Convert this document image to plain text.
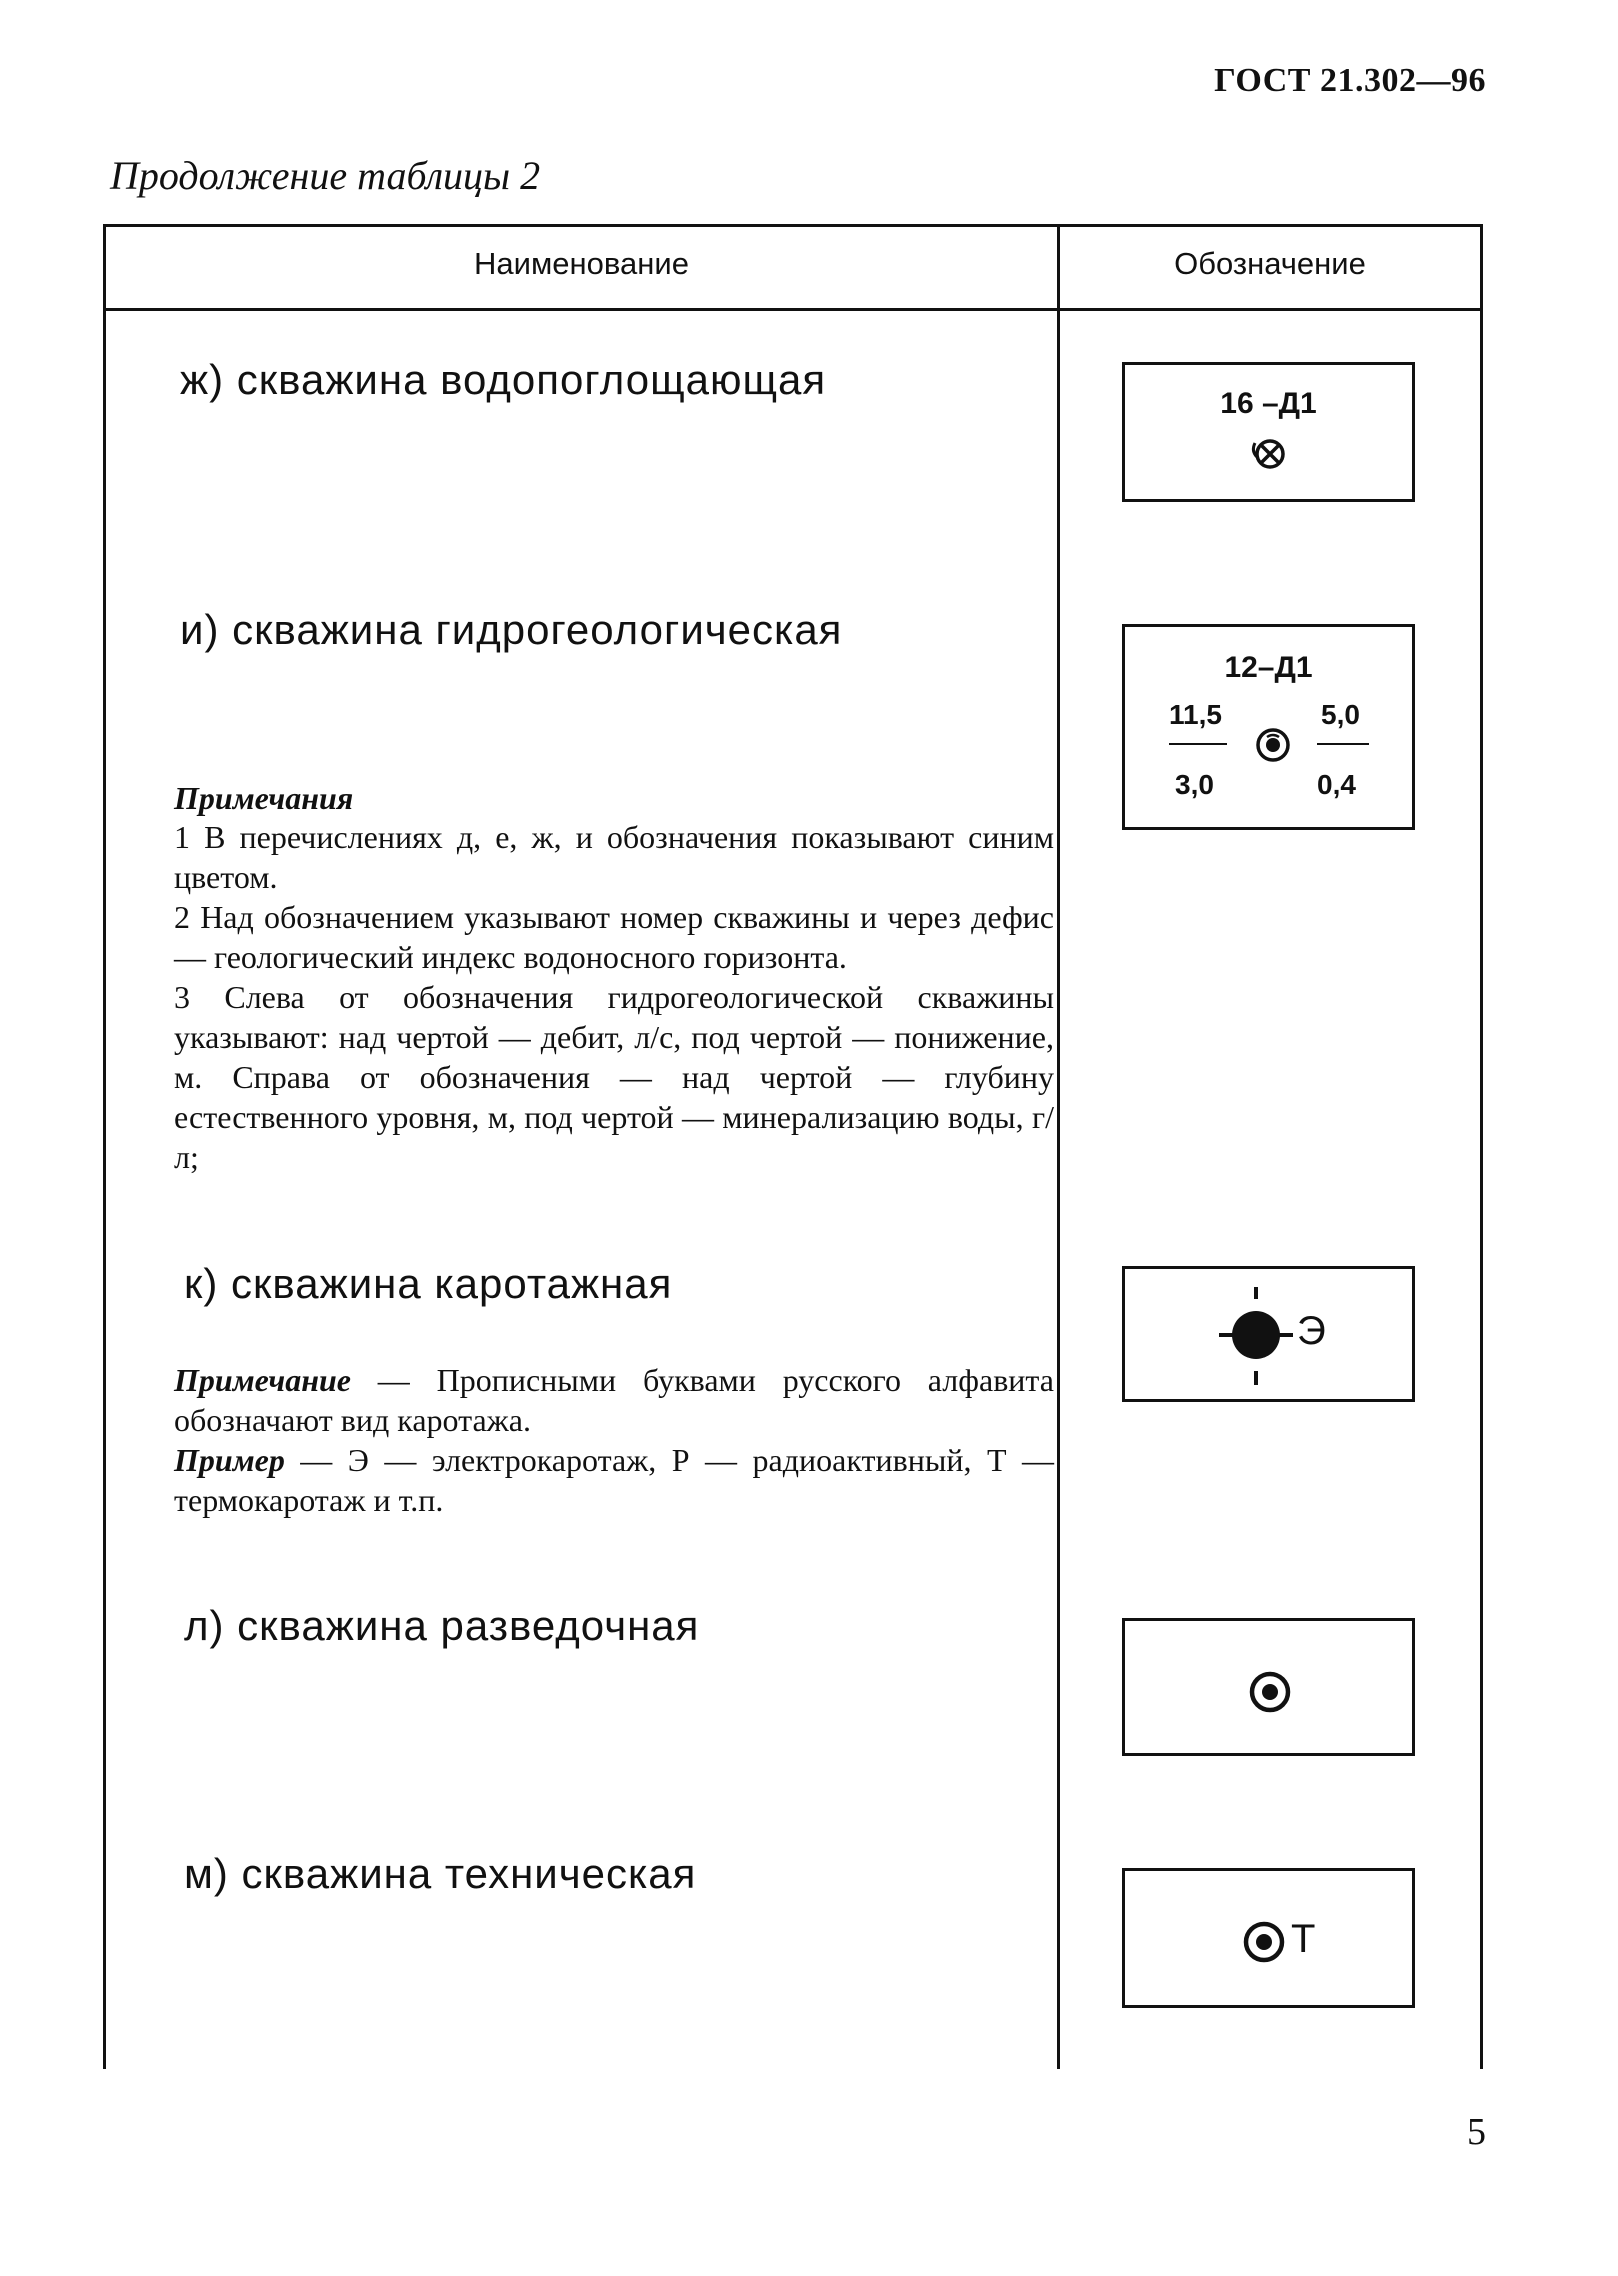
ГОСТ 21.302—96
Продолжение таблицы 2
Наименование	Обозначение
ж) скважина водопоглощающая
16 –Д1
и) скважина гидрогеологическая
12–Д1
11,5
3,0
5,0
0,4
Примечания
1 В перечислениях д, е, ж, и обозначения показывают синим цветом.
2 Над обозначением указывают номер скважины и через дефис — геологический индекс водоносного горизонта.
3 Слева от обозначения гидрогеологической скважины указывают: над чертой — дебит, л/с, под чертой — понижение, м. Справа от обозначения — над чертой — глубину естественного уровня, м, под чертой — минерализацию воды, г/л;
к) скважина каротажная
Э
Примечание — Прописными буквами русского алфавита обозначают вид каротажа.
Пример — Э — электрокаротаж, Р — радиоактивный, Т — термокаротаж и т.п.
л) скважина разведочная
м) скважина техническая
Т
5
